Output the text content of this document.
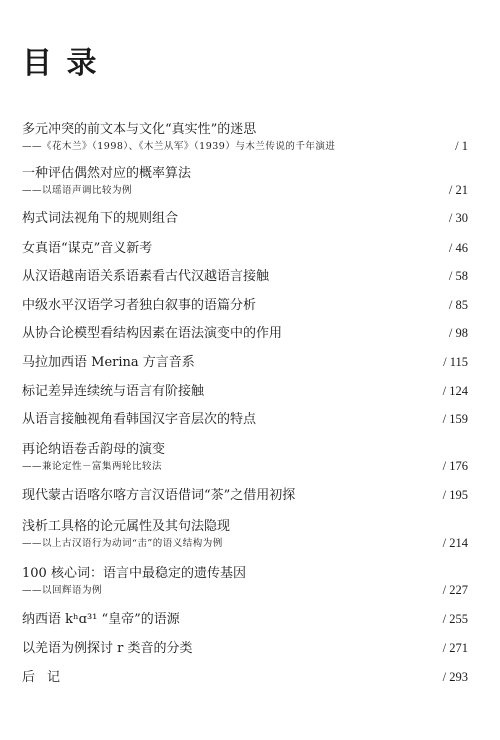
目 录
多元冲突的前文本与文化“真实性”的迷思
——《花木兰》（1998）、《木兰从军》（1939）与木兰传说的千年演进	/ 1
一种评估偶然对应的概率算法
——以瑶语声调比较为例	/ 21
构式词法视角下的规则组合	/ 30
女真语“谋克”音义新考	/ 46
从汉语越南语关系语素看古代汉越语言接触	/ 58
中级水平汉语学习者独白叙事的语篇分析	/ 85
从协合论模型看结构因素在语法演变中的作用	/ 98
马拉加西语 Merina 方言音系	/ 115
标记差异连续统与语言有阶接触	/ 124
从语言接触视角看韩国汉字音层次的特点	/ 159
再论纳语卷舌韵母的演变
——兼论定性－富集两轮比较法	/ 176
现代蒙古语喀尔喀方言汉语借词“茶”之借用初探	/ 195
浅析工具格的论元属性及其句法隐现
——以上古汉语行为动词“击”的语义结构为例	/ 214
100 核心词：语言中最稳定的遗传基因
——以回辉语为例	/ 227
纳西语 kʰɑ³¹ “皇帝”的语源	/ 255
以羌语为例探讨 r 类音的分类	/ 271
后记	/ 293
